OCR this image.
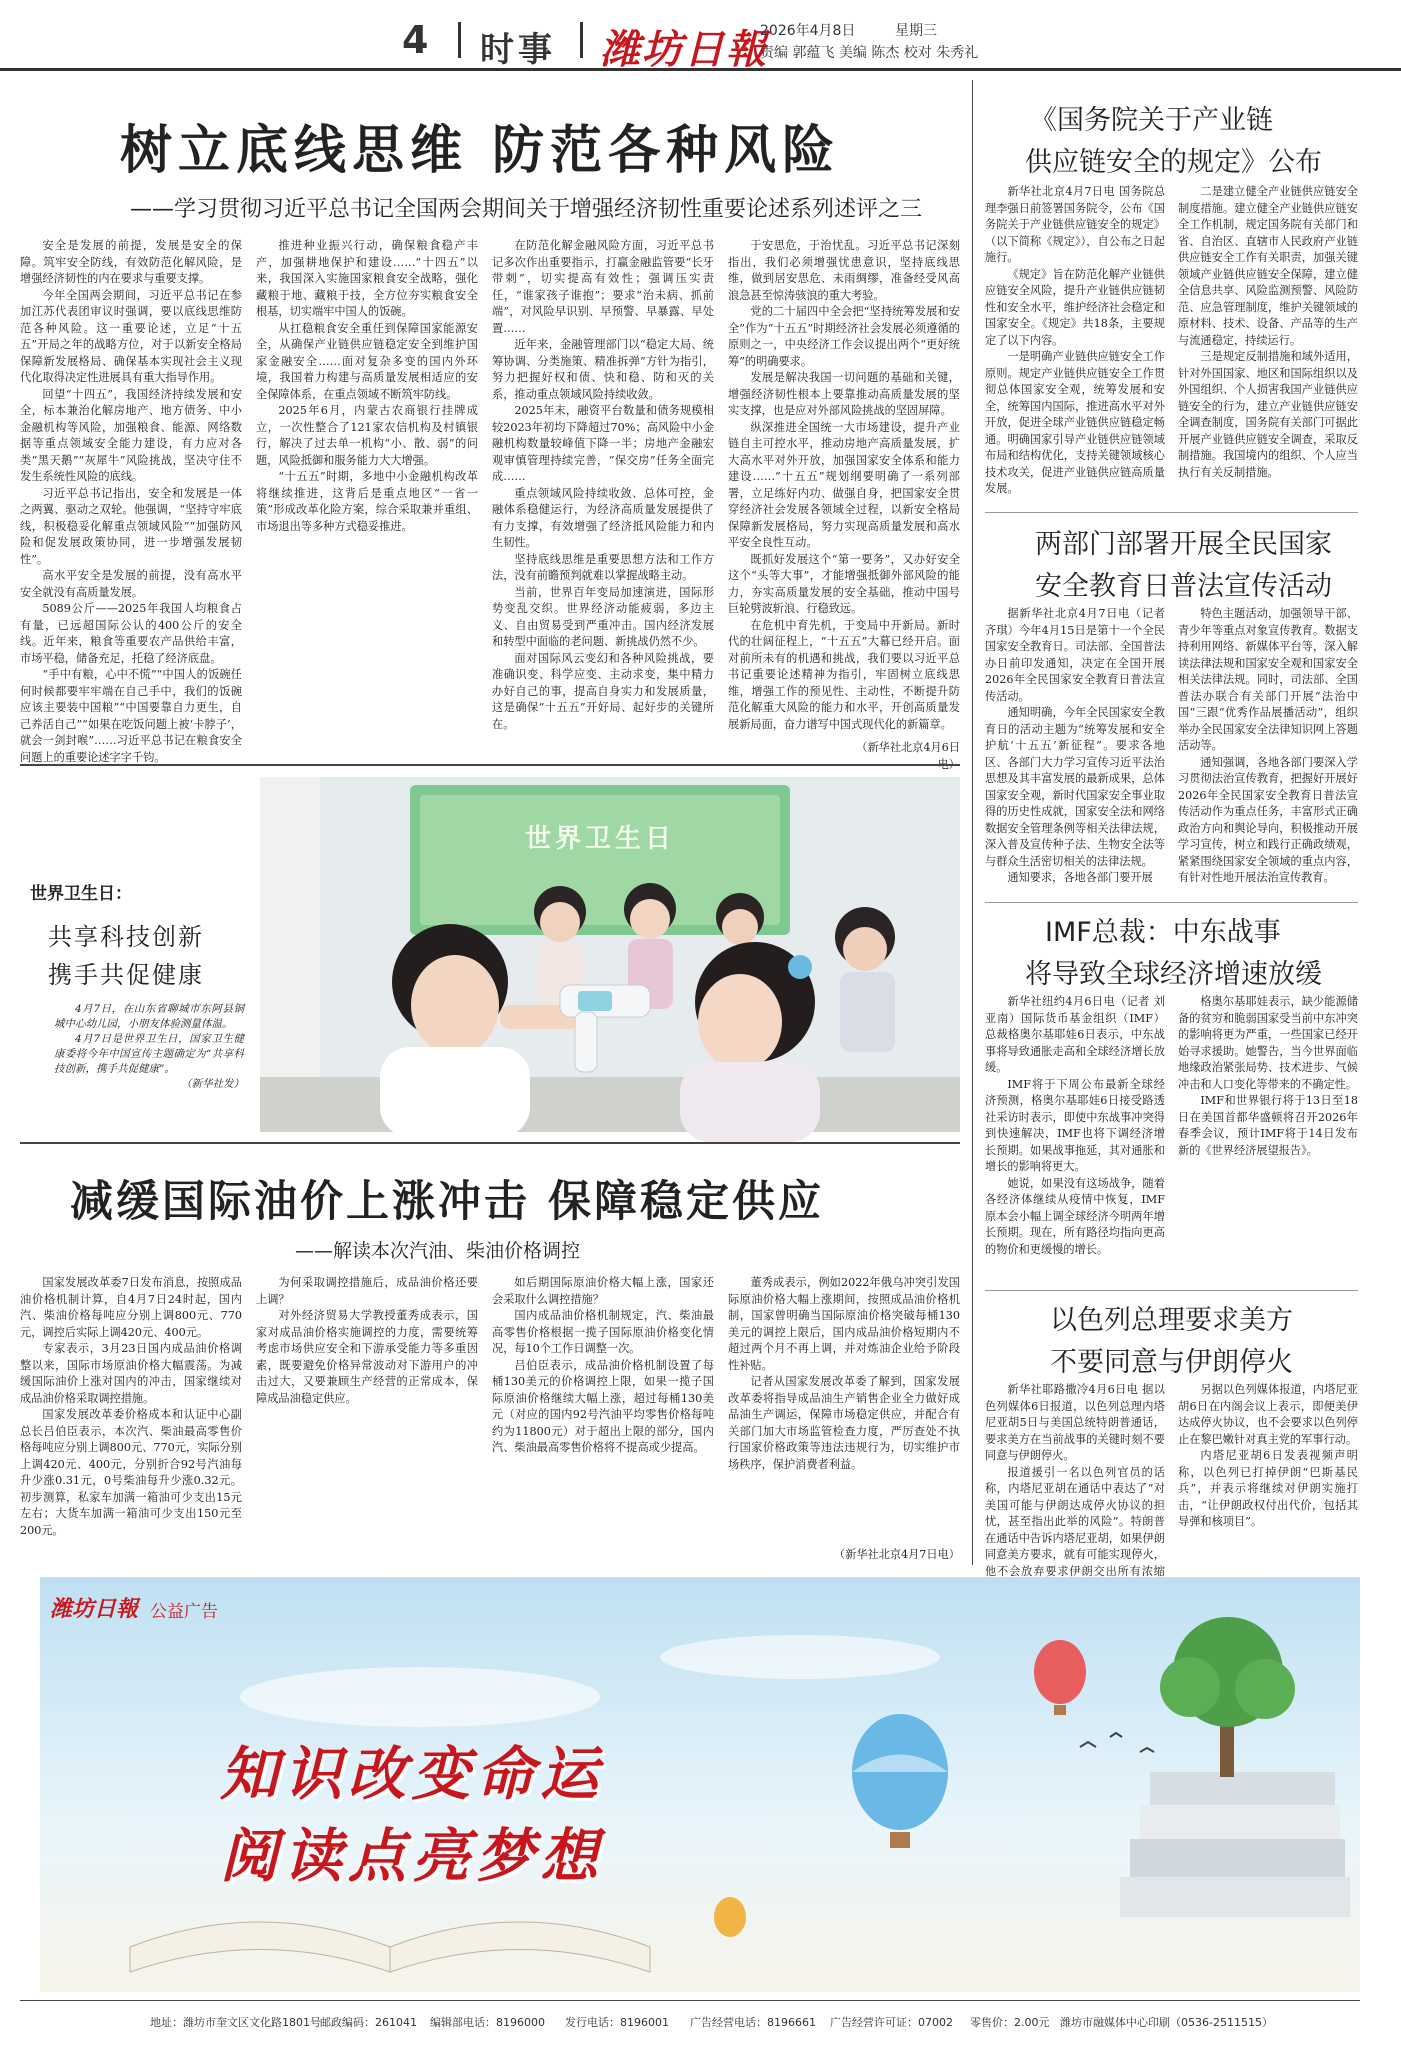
4 时事 潍坊日報
2026年4月8日	星期三
责编 郭蕴飞 美编 陈杰 校对 朱秀礼
树立底线思维 防范各种风险
——学习贯彻习近平总书记全国两会期间关于增强经济韧性重要论述系列述评之三

安全是发展的前提，发展是安全的保障。筑牢安全防线，有效防范化解风险，是增强经济韧性的内在要求与重要支撑。

今年全国两会期间，习近平总书记在参加江苏代表团审议时强调，要以底线思维防范各种风险。这一重要论述，立足“十五五”开局之年的战略方位，对于以新安全格局保障新发展格局、确保基本实现社会主义现代化取得决定性进展具有重大指导作用。

回望“十四五”，我国经济持续发展和安全，标本兼治化解房地产、地方债务、中小金融机构等风险，加强粮食、能源、网络数据等重点领域安全能力建设，有力应对各类“黑天鹅”“灰犀牛”风险挑战，坚决守住不发生系统性风险的底线。

习近平总书记指出，安全和发展是一体之两翼、驱动之双轮。他强调，“坚持守牢底线，积极稳妥化解重点领域风险”“加强防风险和促发展政策协同，进一步增强发展韧性”。

高水平安全是发展的前提，没有高水平安全就没有高质量发展。

5089公斤——2025年我国人均粮食占有量，已远超国际公认的400公斤的安全线。近年来，粮食等重要农产品供给丰富，市场平稳，储备充足，托稳了经济底盘。

“手中有粮，心中不慌”“中国人的饭碗任何时候都要牢牢端在自己手中，我们的饭碗应该主要装中国粮”“中国要靠自力更生，自己养活自己”“如果在吃饭问题上被‘卡脖子’，就会一剑封喉”……习近平总书记在粮食安全问题上的重要论述字字千钧。

推进种业振兴行动，确保粮食稳产丰产，加强耕地保护和建设……“十四五”以来，我国深入实施国家粮食安全战略，强化藏粮于地、藏粮于技，全方位夯实粮食安全根基，切实端牢中国人的饭碗。

从扛稳粮食安全重任到保障国家能源安全，从确保产业链供应链稳定安全到维护国家金融安全……面对复杂多变的国内外环境，我国着力构建与高质量发展相适应的安全保障体系，在重点领域不断筑牢防线。

2025年6月，内蒙古农商银行挂牌成立，一次性整合了121家农信机构及村镇银行，解决了过去单一机构“小、散、弱”的问题，风险抵御和服务能力大大增强。

“十五五”时期，多地中小金融机构改革将继续推进，这背后是重点地区“一省一策”形成改革化险方案，综合采取兼并重组、市场退出等多种方式稳妥推进。

在防范化解金融风险方面，习近平总书记多次作出重要指示，打赢金融监管要“长牙带刺”，切实提高有效性；强调压实责任，“谁家孩子谁抱”；要求“治未病、抓前端”，对风险早识别、早预警、早暴露、早处置……

近年来，金融管理部门以“稳定大局、统筹协调、分类施策、精准拆弹”方针为指引，努力把握好权和债、快和稳、防和灭的关系，推动重点领域风险持续收敛。

2025年末，融资平台数量和债务规模相较2023年初均下降超过70%；高风险中小金融机构数量较峰值下降一半；房地产金融宏观审慎管理持续完善，“保交房”任务全面完成……

重点领域风险持续收敛、总体可控，金融体系稳健运行，为经济高质量发展提供了有力支撑，有效增强了经济抵风险能力和内生韧性。

坚持底线思维是重要思想方法和工作方法，没有前瞻预判就难以掌握战略主动。

当前，世界百年变局加速演进，国际形势变乱交织。世界经济动能疲弱，多边主义、自由贸易受到严重冲击。国内经济发展和转型中面临的老问题、新挑战仍然不少。

面对国际风云变幻和各种风险挑战，要准确识变、科学应变、主动求变，集中精力办好自己的事，提高自身实力和发展质量，这是确保“十五五”开好局、起好步的关键所在。

于安思危，于治忧乱。习近平总书记深刻指出，我们必须增强忧患意识，坚持底线思维，做到居安思危、未雨绸缪，准备经受风高浪急甚至惊涛骇浪的重大考验。

党的二十届四中全会把“坚持统筹发展和安全”作为“十五五”时期经济社会发展必须遵循的原则之一，中央经济工作会议提出两个“更好统筹”的明确要求。

发展是解决我国一切问题的基础和关键，增强经济韧性根本上要靠推动高质量发展的坚实支撑，也是应对外部风险挑战的坚固屏障。

纵深推进全国统一大市场建设，提升产业链自主可控水平，推动房地产高质量发展，扩大高水平对外开放，加强国家安全体系和能力建设……“十五五”规划纲要明确了一系列部署，立足练好内功、做强自身，把国家安全贯穿经济社会发展各领域全过程，以新安全格局保障新发展格局，努力实现高质量发展和高水平安全良性互动。

既抓好发展这个“第一要务”，又办好安全这个“头等大事”，才能增强抵御外部风险的能力，夯实高质量发展的安全基础，推动中国号巨轮劈波斩浪、行稳致远。

在危机中育先机，于变局中开新局。新时代的壮阔征程上，“十五五”大幕已经开启。面对前所未有的机遇和挑战，我们要以习近平总书记重要论述精神为指引，牢固树立底线思维，增强工作的预见性、主动性，不断提升防范化解重大风险的能力和水平，开创高质量发展新局面，奋力谱写中国式现代化的新篇章。

（新华社北京4月6日
世界卫生日：
共享科技创新
携手共促健康

4月7日，在山东省聊城市东阿县铜城中心幼儿园，小朋友体验测量体温。

4月7日是世界卫生日，国家卫生健康委将今年中国宣传主题确定为“共享科技创新，携手共促健康”。

（新华社发）
世界卫生日
减缓国际油价上涨冲击 保障稳定供应
——解读本次汽油、柴油价格调控

国家发展改革委7日发布消息，按照成品油价格机制计算，自4月7日24时起，国内汽、柴油价格每吨应分别上调800元、770元，调控后实际上调420元、400元。

专家表示，3月23日国内成品油价格调整以来，国际市场原油价格大幅震荡。为减缓国际油价上涨对国内的冲击，国家继续对成品油价格采取调控措施。

国家发展改革委价格成本和认证中心副总长吕伯臣表示，本次汽、柴油最高零售价格每吨应分别上调800元、770元，实际分别上调420元、400元，分别折合92号汽油每升少涨0.31元，0号柴油每升少涨0.32元。初步测算，私家车加满一箱油可少支出15元左右；大货车加满一箱油可少支出150元至200元。

为何采取调控措施后，成品油价格还要上调？

对外经济贸易大学教授董秀成表示，国家对成品油价格实施调控的力度，需要统筹考虑市场供应安全和下游承受能力等多重因素，既要避免价格异常波动对下游用户的冲击过大，又要兼顾生产经营的正常成本，保障成品油稳定供应。

如后期国际原油价格大幅上涨，国家还会采取什么调控措施？

国内成品油价格机制规定，汽、柴油最高零售价格根据一揽子国际原油价格变化情况，每10个工作日调整一次。

吕伯臣表示，成品油价格机制设置了每桶130美元的价格调控上限，如果一揽子国际原油价格继续大幅上涨，超过每桶130美元（对应的国内92号汽油平均零售价格每吨约为11800元）对于超出上限的部分，国内汽、柴油最高零售价格将不提高或少提高。

董秀成表示，例如2022年俄乌冲突引发国际原油价格大幅上涨期间，按照成品油价格机制，国家曾明确当国际原油价格突破每桶130美元的调控上限后，国内成品油价格短期内不超过两个月不再上调，并对炼油企业给予阶段性补贴。

记者从国家发展改革委了解到，国家发展改革委将指导成品油生产销售企业全力做好成品油生产调运，保障市场稳定供应，并配合有关部门加大市场监管检查力度，严厉查处不执行国家价格政策等违法违规行为，切实维护市场秩序，保护消费者利益。

（新华社北京4月7日电）
《国务院关于产业链
供应链安全的规定》公布

新华社北京4月7日电 国务院总理李强日前签署国务院令，公布《国务院关于产业链供应链安全的规定》（以下简称《规定》），自公布之日起施行。

《规定》旨在防范化解产业链供应链安全风险，提升产业链供应链韧性和安全水平，维护经济社会稳定和国家安全。《规定》共18条，主要规定了以下内容。

一是明确产业链供应链安全工作原则。规定产业链供应链安全工作贯彻总体国家安全观，统筹发展和安全，统筹国内国际，推进高水平对外开放，促进全球产业链供应链稳定畅通。明确国家引导产业链供应链领域布局和结构优化，支持关键领域核心技术攻关，促进产业链供应链高质量发展。

二是建立健全产业链供应链安全制度措施。建立健全产业链供应链安全工作机制，规定国务院有关部门和省、自治区、直辖市人民政府产业链供应链安全工作有关职责，加强关键领域产业链供应链安全保障，建立健全信息共享、风险监测预警、风险防范、应急管理制度，维护关键领域的原材料、技术、设备、产品等的生产与流通稳定，持续运行。

三是规定反制措施和域外适用，针对外国国家、地区和国际组织以及外国组织、个人损害我国产业链供应链安全的行为，建立产业链供应链安全调查制度，国务院有关部门可据此开展产业链供应链安全调查，采取反制措施。我国境内的组织、个人应当执行有关反制措施。

两部门部署开展全民国家
安全教育日普法宣传活动

据新华社北京4月7日电（记者 齐琪）今年4月15日是第十一个全民国家安全教育日。司法部、全国普法办日前印发通知，决定在全国开展2026年全民国家安全教育日普法宣传活动。

通知明确，今年全民国家安全教育日的活动主题为“统筹发展和安全 护航‘十五五’新征程”。要求各地区、各部门大力学习宣传习近平法治思想及其丰富发展的最新成果，总体国家安全观，新时代国家安全事业取得的历史性成就，国家安全法和网络数据安全管理条例等相关法律法规，深入普及宣传种子法、生物安全法等与群众生活密切相关的法律法规。

通知要求，各地各部门要开展

特色主题活动，加强领导干部、青少年等重点对象宣传教育。数据支持利用网络、新媒体平台等，深入解读法律法规和国家安全观和国家安全相关法律法规。同时，司法部、全国普法办联合有关部门开展“法治中国”三跟“优秀作品展播活动”，组织举办全民国家安全法律知识网上答题活动等。

通知强调，各地各部门要深入学习贯彻法治宣传教育，把握好开展好2026年全民国家安全教育日普法宣传活动作为重点任务，丰富形式正确政治方向和舆论导向，积极推动开展学习宣传，树立和践行正确政绩观，紧紧围绕国家安全领域的重点内容，有针对性地开展法治宣传教育。

IMF总裁：中东战事
将导致全球经济增速放缓

新华社纽约4月6日电（记者 刘亚南）国际货币基金组织（IMF）总裁格奥尔基耶娃6日表示，中东战事将导致通胀走高和全球经济增长放缓。

IMF将于下周公布最新全球经济预测，格奥尔基耶娃6日接受路透社采访时表示，即使中东战事冲突得到快速解决，IMF也将下调经济增长预期。如果战事拖延，其对通胀和增长的影响将更大。

她说，如果没有这场战争，随着各经济体继续从疫情中恢复，IMF原本会小幅上调全球经济今明两年增长预期。现在，所有路径均指向更高的物价和更缓慢的增长。

格奥尔基耶娃表示，缺少能源储备的贫穷和脆弱国家受当前中东冲突的影响将更为严重，一些国家已经开始寻求援助。她警告，当今世界面临地缘政治紧张局势、技术进步、气候冲击和人口变化等带来的不确定性。

IMF和世界银行将于13日至18日在美国首都华盛顿将召开2026年春季会议，预计IMF将于14日发布新的《世界经济展望报告》。

以色列总理要求美方
不要同意与伊朗停火

新华社耶路撒冷4月6日电 据以色列媒体6日报道，以色列总理内塔尼亚胡5日与美国总统特朗普通话，要求美方在当前战事的关键时刻不要同意与伊朗停火。

报道援引一名以色列官员的话称，内塔尼亚胡在通话中表达了“对美国可能与伊朗达成停火协议的担忧，甚至指出此举的风险”。特朗普在通话中告诉内塔尼亚胡，如果伊朗同意美方要求，就有可能实现停火，他不会放弃要求伊朗交出所有浓缩

另据以色列媒体报道，内塔尼亚胡6日在内阁会议上表示，即便美伊达成停火协议，也不会要求以色列停止在黎巴嫩针对真主党的军事行动。

内塔尼亚胡6日发表视频声明称，以色列已打掉伊朗“巴斯基民兵”，并表示将继续对伊朗实施打击，“让伊朗政权付出代价，包括其导弹和核项目”。

潍坊日報 公益广告
知识改变命运
阅读点亮梦想
地址：潍坊市奎文区文化路1801号 邮政编码：261041 编辑部电话：8196000 发行电话：8196001 广告经营电话：8196661 广告经营许可证：07002 零售价：2.00元 潍坊市融媒体中心印刷（0536-2511515）
